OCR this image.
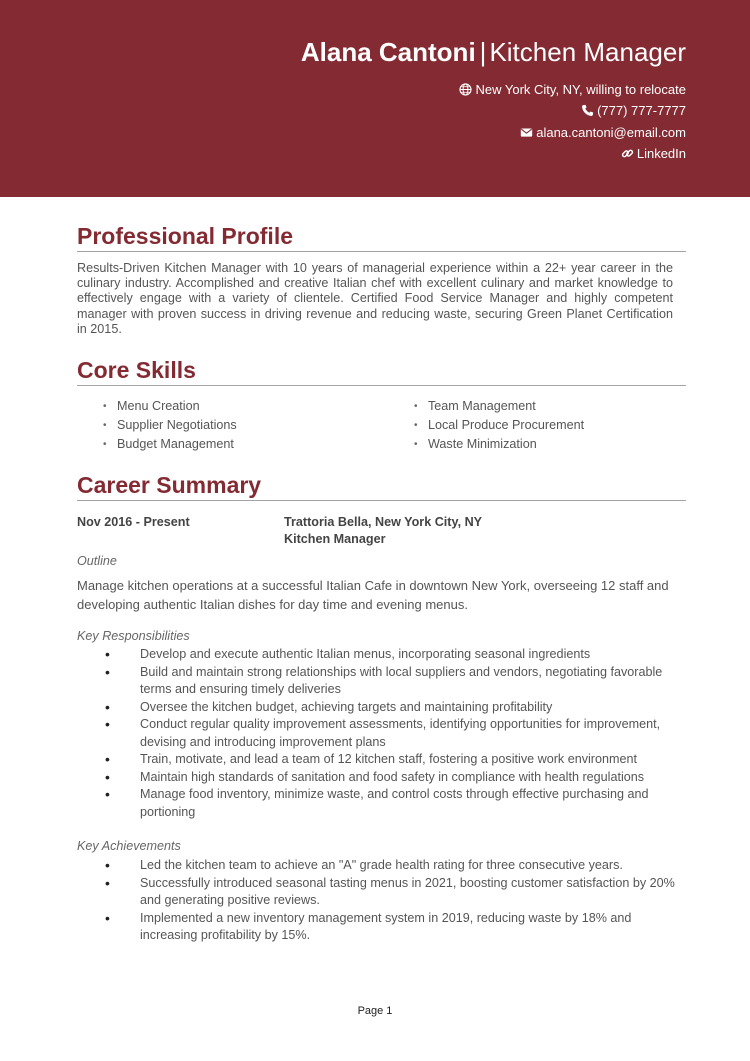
Alana Cantoni | Kitchen Manager
New York City, NY, willing to relocate
(777) 777-7777
alana.cantoni@email.com
LinkedIn
Professional Profile

Results-Driven Kitchen Manager with 10 years of managerial experience within a 22+ year career in the culinary industry. Accomplished and creative Italian chef with excellent culinary and market knowledge to effectively engage with a variety of clientele. Certified Food Service Manager and highly competent manager with proven success in driving revenue and reducing waste, securing Green Planet Certification in 2015.

Core Skills
• Menu Creation
• Supplier Negotiations
• Budget Management
• Team Management
• Local Produce Procurement
• Waste Minimization
Career Summary
Nov 2016 - Present	Trattoria Bella, New York City, NY
Kitchen Manager
Outline

Manage kitchen operations at a successful Italian Cafe in downtown New York, overseeing 12 staff and developing authentic Italian dishes for day time and evening menus.

Key Responsibilities
• Develop and execute authentic Italian menus, incorporating seasonal ingredients
• Build and maintain strong relationships with local suppliers and vendors, negotiating favorable terms and ensuring timely deliveries
• Oversee the kitchen budget, achieving targets and maintaining profitability
• Conduct regular quality improvement assessments, identifying opportunities for improvement, devising and introducing improvement plans
• Train, motivate, and lead a team of 12 kitchen staff, fostering a positive work environment
• Maintain high standards of sanitation and food safety in compliance with health regulations
• Manage food inventory, minimize waste, and control costs through effective purchasing and portioning
Key Achievements
• Led the kitchen team to achieve an "A" grade health rating for three consecutive years.
• Successfully introduced seasonal tasting menus in 2021, boosting customer satisfaction by 20% and generating positive reviews.
• Implemented a new inventory management system in 2019, reducing waste by 18% and increasing profitability by 15%.
Page 1
